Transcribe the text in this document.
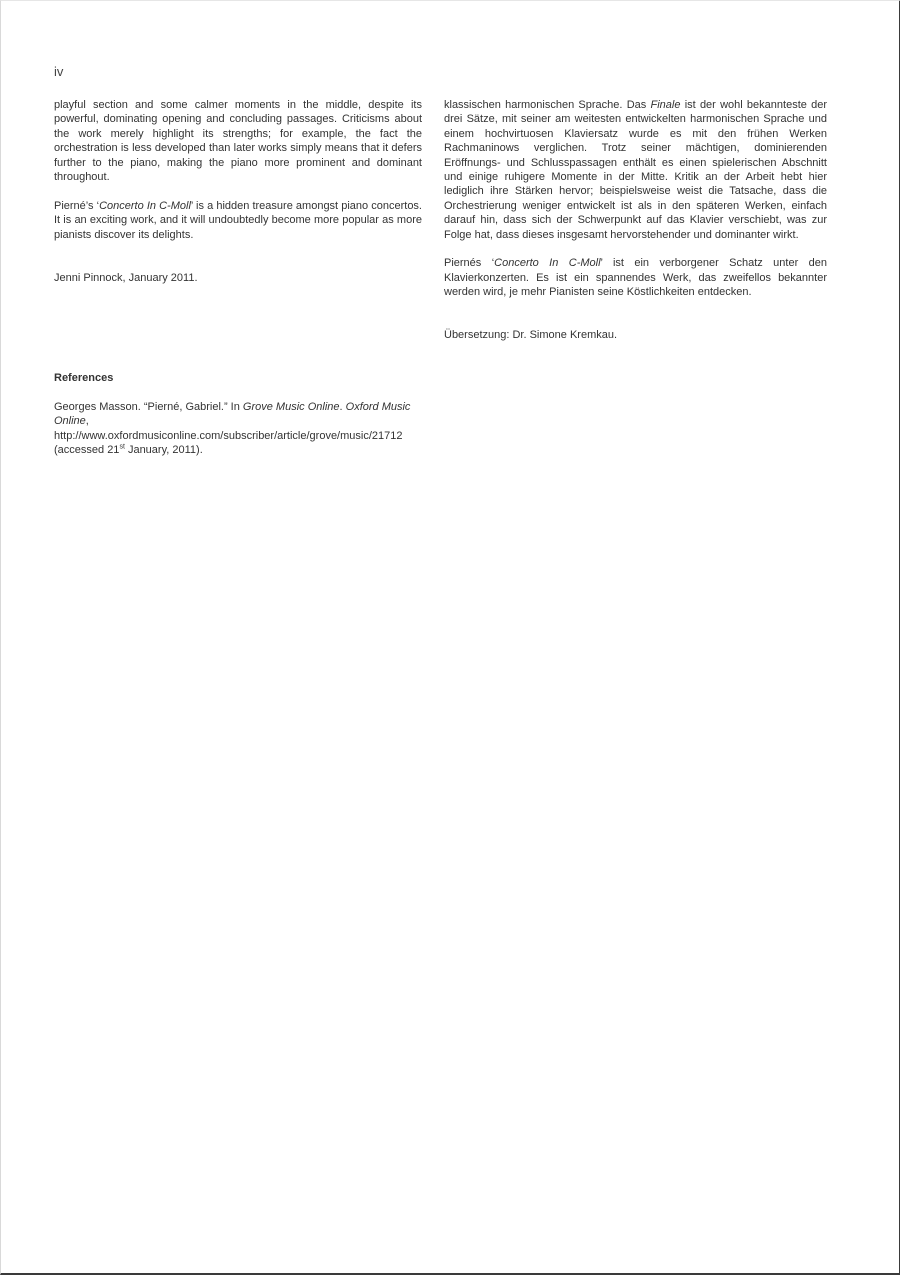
iv

playful section and some calmer moments in the middle, despite its powerful, dominating opening and concluding passages. Criticisms about the work merely highlight its strengths; for example, the fact the orchestration is less developed than later works simply means that it defers further to the piano, making the piano more prominent and dominant throughout.

Pierné’s ‘Concerto In C-Moll’ is a hidden treasure amongst piano concertos. It is an exciting work, and it will undoubtedly become more popular as more pianists discover its delights.

Jenni Pinnock, January 2011.

References

Georges Masson. “Pierné, Gabriel.” In Grove Music Online. Oxford Music Online, http://www.oxfordmusiconline.com/subscriber/article/grove/music/21712 (accessed 21st January, 2011).

klassischen harmonischen Sprache. Das Finale ist der wohl bekannteste der drei Sätze, mit seiner am weitesten entwickelten harmonischen Sprache und einem hochvirtuosen Klaviersatz wurde es mit den frühen Werken Rachmaninows verglichen. Trotz seiner mächtigen, dominierenden Eröffnungs- und Schlusspassagen enthält es einen spielerischen Abschnitt und einige ruhigere Momente in der Mitte. Kritik an der Arbeit hebt hier lediglich ihre Stärken hervor; beispielsweise weist die Tatsache, dass die Orchestrierung weniger entwickelt ist als in den späteren Werken, einfach darauf hin, dass sich der Schwerpunkt auf das Klavier verschiebt, was zur Folge hat, dass dieses insgesamt hervorstehender und dominanter wirkt.

Piernés ‘Concerto In C-Moll’ ist ein verborgener Schatz unter den Klavierkonzerten. Es ist ein spannendes Werk, das zweifellos bekannter werden wird, je mehr Pianisten seine Köstlichkeiten entdecken.

Übersetzung: Dr. Simone Kremkau.
